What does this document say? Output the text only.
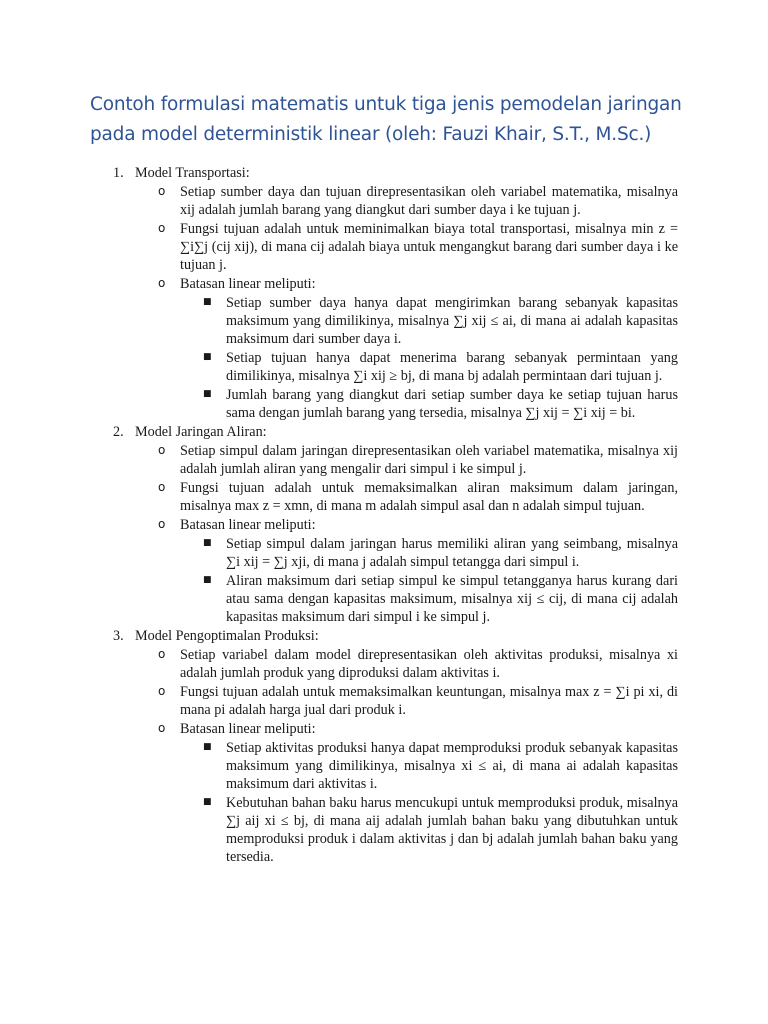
Contoh formulasi matematis untuk tiga jenis pemodelan jaringan pada model deterministik linear (oleh: Fauzi Khair, S.T., M.Sc.)
1. Model Transportasi:
o Setiap sumber daya dan tujuan direpresentasikan oleh variabel matematika, misalnya xij adalah jumlah barang yang diangkut dari sumber daya i ke tujuan j.
o Fungsi tujuan adalah untuk meminimalkan biaya total transportasi, misalnya min z = ∑i∑j (cij xij), di mana cij adalah biaya untuk mengangkut barang dari sumber daya i ke tujuan j.
o Batasan linear meliputi:
■ Setiap sumber daya hanya dapat mengirimkan barang sebanyak kapasitas maksimum yang dimilikinya, misalnya ∑j xij ≤ ai, di mana ai adalah kapasitas maksimum dari sumber daya i.
■ Setiap tujuan hanya dapat menerima barang sebanyak permintaan yang dimilikinya, misalnya ∑i xij ≥ bj, di mana bj adalah permintaan dari tujuan j.
■ Jumlah barang yang diangkut dari setiap sumber daya ke setiap tujuan harus sama dengan jumlah barang yang tersedia, misalnya ∑j xij = ∑i xij = bi.
2. Model Jaringan Aliran:
o Setiap simpul dalam jaringan direpresentasikan oleh variabel matematika, misalnya xij adalah jumlah aliran yang mengalir dari simpul i ke simpul j.
o Fungsi tujuan adalah untuk memaksimalkan aliran maksimum dalam jaringan, misalnya max z = xmn, di mana m adalah simpul asal dan n adalah simpul tujuan.
o Batasan linear meliputi:
■ Setiap simpul dalam jaringan harus memiliki aliran yang seimbang, misalnya ∑i xij = ∑j xji, di mana j adalah simpul tetangga dari simpul i.
■ Aliran maksimum dari setiap simpul ke simpul tetangganya harus kurang dari atau sama dengan kapasitas maksimum, misalnya xij ≤ cij, di mana cij adalah kapasitas maksimum dari simpul i ke simpul j.
3. Model Pengoptimalan Produksi:
o Setiap variabel dalam model direpresentasikan oleh aktivitas produksi, misalnya xi adalah jumlah produk yang diproduksi dalam aktivitas i.
o Fungsi tujuan adalah untuk memaksimalkan keuntungan, misalnya max z = ∑i pi xi, di mana pi adalah harga jual dari produk i.
o Batasan linear meliputi:
■ Setiap aktivitas produksi hanya dapat memproduksi produk sebanyak kapasitas maksimum yang dimilikinya, misalnya xi ≤ ai, di mana ai adalah kapasitas maksimum dari aktivitas i.
■ Kebutuhan bahan baku harus mencukupi untuk memproduksi produk, misalnya ∑j aij xi ≤ bj, di mana aij adalah jumlah bahan baku yang dibutuhkan untuk memproduksi produk i dalam aktivitas j dan bj adalah jumlah bahan baku yang tersedia.
